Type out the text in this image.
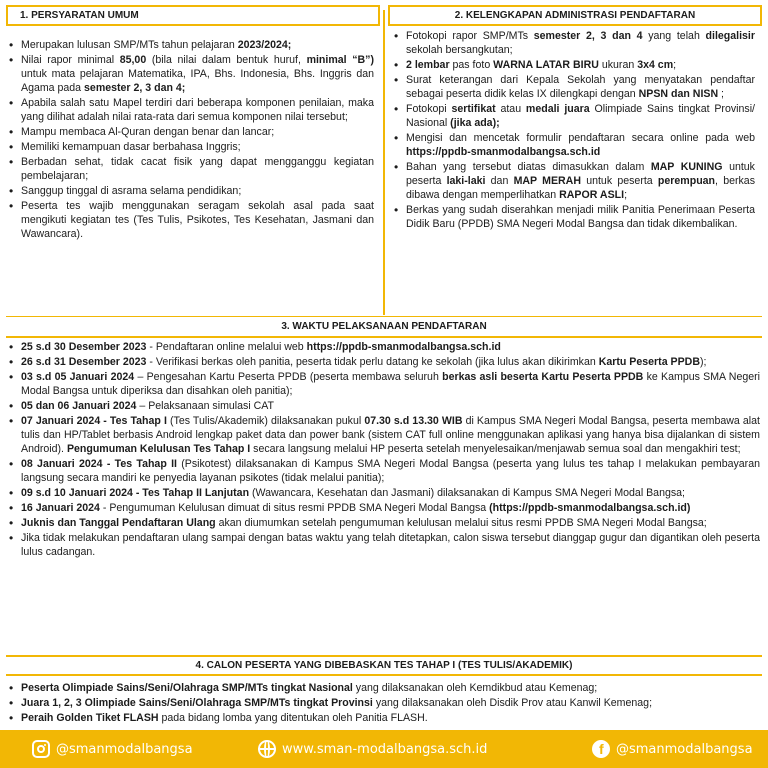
1. PERSYARATAN UMUM	2. KELENGKAPAN ADMINISTRASI PENDAFTARAN
• Merupakan lulusan SMP/MTs tahun pelajaran 2023/2024;
• Nilai rapor minimal 85,00 (bila nilai dalam bentuk huruf, minimal “B”) untuk mata pelajaran Matematika, IPA, Bhs. Indonesia, Bhs. Inggris dan Agama pada semester 2, 3 dan 4;
• Apabila salah satu Mapel terdiri dari beberapa komponen penilaian, maka yang dilihat adalah nilai rata-rata dari semua komponen nilai tersebut;
• Mampu membaca Al-Quran dengan benar dan lancar;
• Memiliki kemampuan dasar berbahasa Inggris;
• Berbadan sehat, tidak cacat fisik yang dapat mengganggu kegiatan pembelajaran;
• Sanggup tinggal di asrama selama pendidikan;
• Peserta tes wajib menggunakan seragam sekolah asal pada saat mengikuti kegiatan tes (Tes Tulis, Psikotes, Tes Kesehatan, Jasmani dan Wawancara).
• Fotokopi rapor SMP/MTs semester 2, 3 dan 4 yang telah dilegalisir sekolah bersangkutan;
• 2 lembar pas foto WARNA LATAR BIRU ukuran 3x4 cm;
• Surat keterangan dari Kepala Sekolah yang menyatakan pendaftar sebagai peserta didik kelas IX dilengkapi dengan NPSN dan NISN ;
• Fotokopi sertifikat atau medali juara Olimpiade Sains tingkat Provinsi/ Nasional (jika ada);
• Mengisi dan mencetak formulir pendaftaran secara online pada web https://ppdb-smanmodalbangsa.sch.id
• Bahan yang tersebut diatas dimasukkan dalam MAP KUNING untuk peserta laki-laki dan MAP MERAH untuk peserta perempuan, berkas dibawa dengan memperlihatkan RAPOR ASLI;
• Berkas yang sudah diserahkan menjadi milik Panitia Penerimaan Peserta Didik Baru (PPDB) SMA Negeri Modal Bangsa dan tidak dikembalikan.
3. WAKTU PELAKSANAAN PENDAFTARAN
• 25 s.d 30 Desember 2023 - Pendaftaran online melalui web https://ppdb-smanmodalbangsa.sch.id
• 26 s.d 31 Desember 2023 - Verifikasi berkas oleh panitia, peserta tidak perlu datang ke sekolah (jika lulus akan dikirimkan Kartu Peserta PPDB);
• 03 s.d 05 Januari 2024 – Pengesahan Kartu Peserta PPDB (peserta membawa seluruh berkas asli beserta Kartu Peserta PPDB ke Kampus SMA Negeri Modal Bangsa untuk diperiksa dan disahkan oleh panitia);
• 05 dan 06 Januari 2024 – Pelaksanaan simulasi CAT
• 07 Januari 2024 - Tes Tahap I (Tes Tulis/Akademik) dilaksanakan pukul 07.30 s.d 13.30 WIB di Kampus SMA Negeri Modal Bangsa, peserta membawa alat tulis dan HP/Tablet berbasis Android lengkap paket data dan power bank (sistem CAT full online menggunakan aplikasi yang hanya bisa dijalankan di sistem Android). Pengumuman Kelulusan Tes Tahap I secara langsung melalui HP peserta setelah menyelesaikan/menjawab semua soal dan mengakhiri test;
• 08 Januari 2024 - Tes Tahap II (Psikotest) dilaksanakan di Kampus SMA Negeri Modal Bangsa (peserta yang lulus tes tahap I melakukan pembayaran langsung secara mandiri ke penyedia layanan psikotes (tidak melalui panitia);
• 09 s.d 10 Januari 2024 - Tes Tahap II Lanjutan (Wawancara, Kesehatan dan Jasmani) dilaksanakan di Kampus SMA Negeri Modal Bangsa;
• 16 Januari 2024 - Pengumuman Kelulusan dimuat di situs resmi PPDB SMA Negeri Modal Bangsa (https://ppdb-smanmodalbangsa.sch.id)
• Juknis dan Tanggal Pendaftaran Ulang akan diumumkan setelah pengumuman kelulusan melalui situs resmi PPDB SMA Negeri Modal Bangsa;
• Jika tidak melakukan pendaftaran ulang sampai dengan batas waktu yang telah ditetapkan, calon siswa tersebut dianggap gugur dan digantikan oleh peserta lulus cadangan.
4. CALON PESERTA YANG DIBEBASKAN TES TAHAP I (TES TULIS/AKADEMIK)
• Peserta Olimpiade Sains/Seni/Olahraga SMP/MTs tingkat Nasional yang dilaksanakan oleh Kemdikbud atau Kemenag;
• Juara 1, 2, 3 Olimpiade Sains/Seni/Olahraga SMP/MTs tingkat Provinsi yang dilaksanakan oleh Disdik Prov atau Kanwil Kemenag;
• Peraih Golden Tiket FLASH pada bidang lomba yang ditentukan oleh Panitia FLASH.
@smanmodalbangsa	www.sman-modalbangsa.sch.id
f	@smanmodalbangsa
